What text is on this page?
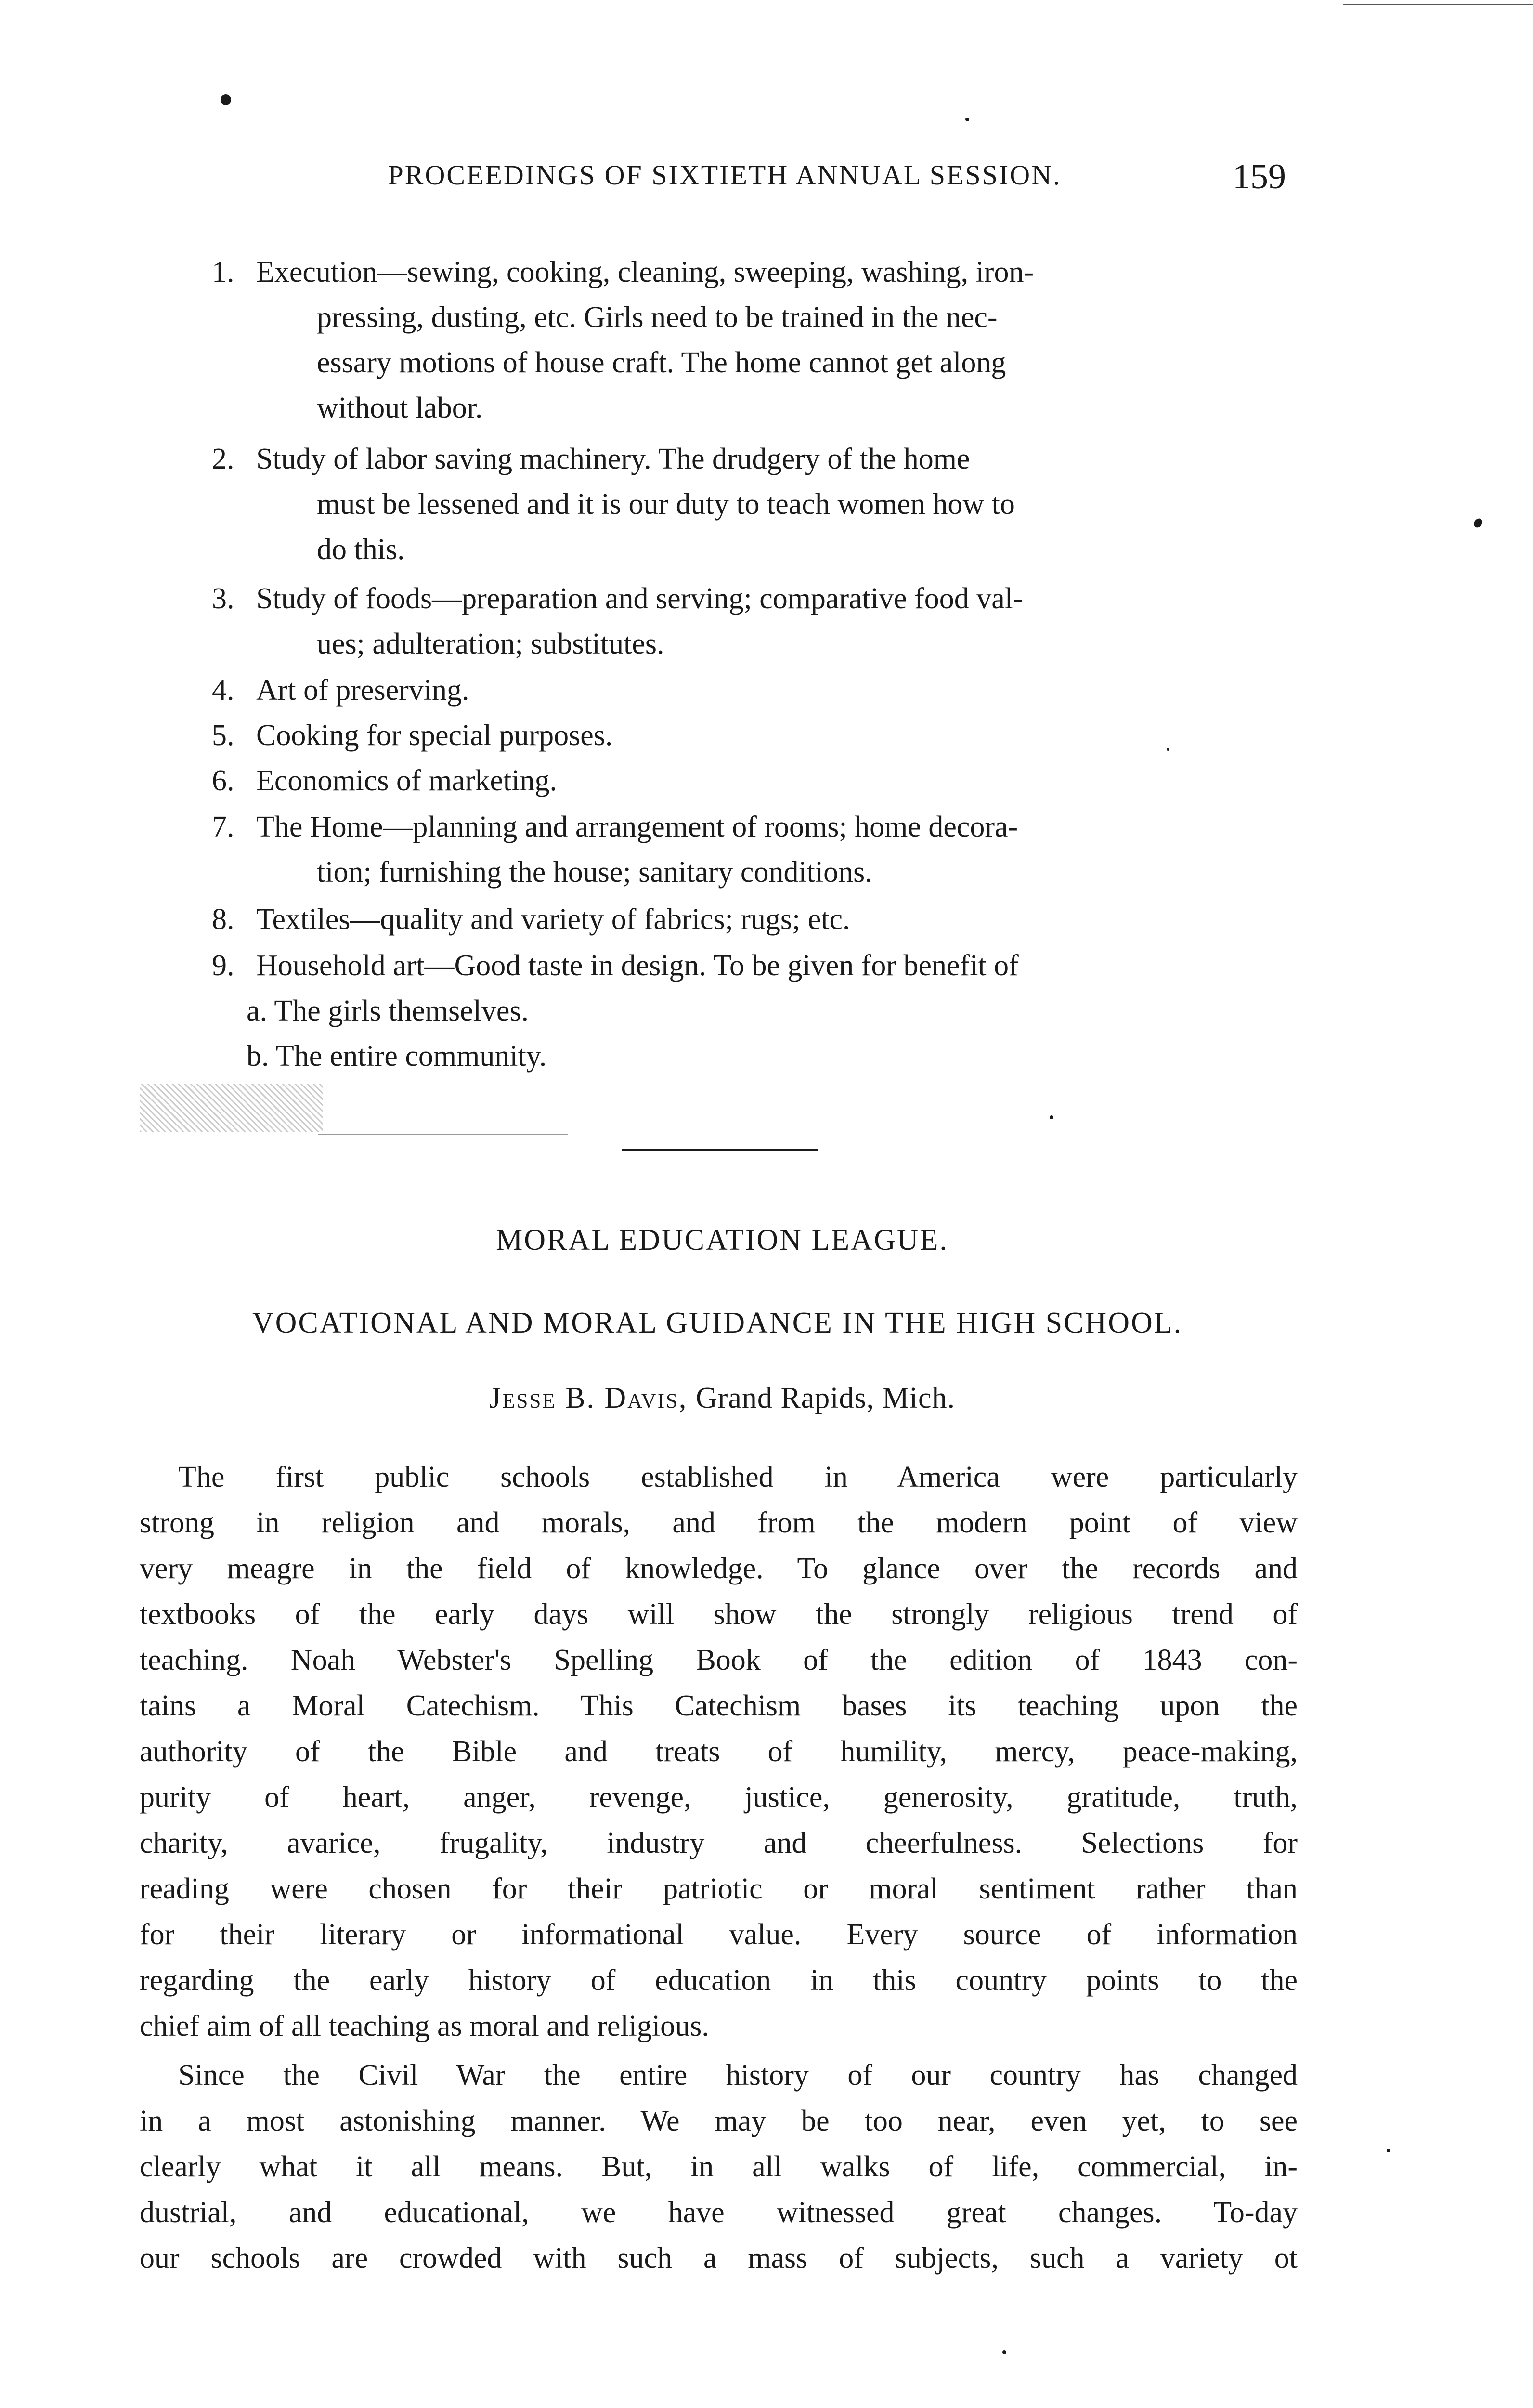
PROCEEDINGS OF SIXTIETH ANNUAL SESSION.	159
1. Execution—sewing, cooking, cleaning, sweeping, washing, iron-
pressing, dusting, etc. Girls need to be trained in the nec-
essary motions of house craft. The home cannot get along
without labor.
2. Study of labor saving machinery. The drudgery of the home
must be lessened and it is our duty to teach women how to
do this.
3. Study of foods—preparation and serving; comparative food val-
ues; adulteration; substitutes.
4. Art of preserving.
5. Cooking for special purposes.
6. Economics of marketing.
7. The Home—planning and arrangement of rooms; home decora-
tion; furnishing the house; sanitary conditions.
8. Textiles—quality and variety of fabrics; rugs; etc.
9. Household art—Good taste in design. To be given for benefit of
a. The girls themselves.
b. The entire community.
MORAL EDUCATION LEAGUE.
VOCATIONAL AND MORAL GUIDANCE IN THE HIGH SCHOOL.
Jesse B. Davis, Grand Rapids, Mich.
The first public schools established in America were particularly
strong in religion and morals, and from the modern point of view
very meagre in the field of knowledge. To glance over the records and
textbooks of the early days will show the strongly religious trend of
teaching. Noah Webster's Spelling Book of the edition of 1843 con-
tains a Moral Catechism. This Catechism bases its teaching upon the
authority of the Bible and treats of humility, mercy, peace-making,
purity of heart, anger, revenge, justice, generosity, gratitude, truth,
charity, avarice, frugality, industry and cheerfulness. Selections for
reading were chosen for their patriotic or moral sentiment rather than
for their literary or informational value. Every source of information
regarding the early history of education in this country points to the
chief aim of all teaching as moral and religious.
Since the Civil War the entire history of our country has changed
in a most astonishing manner. We may be too near, even yet, to see
clearly what it all means. But, in all walks of life, commercial, in-
dustrial, and educational, we have witnessed great changes. To-day
our schools are crowded with such a mass of subjects, such a variety ot
